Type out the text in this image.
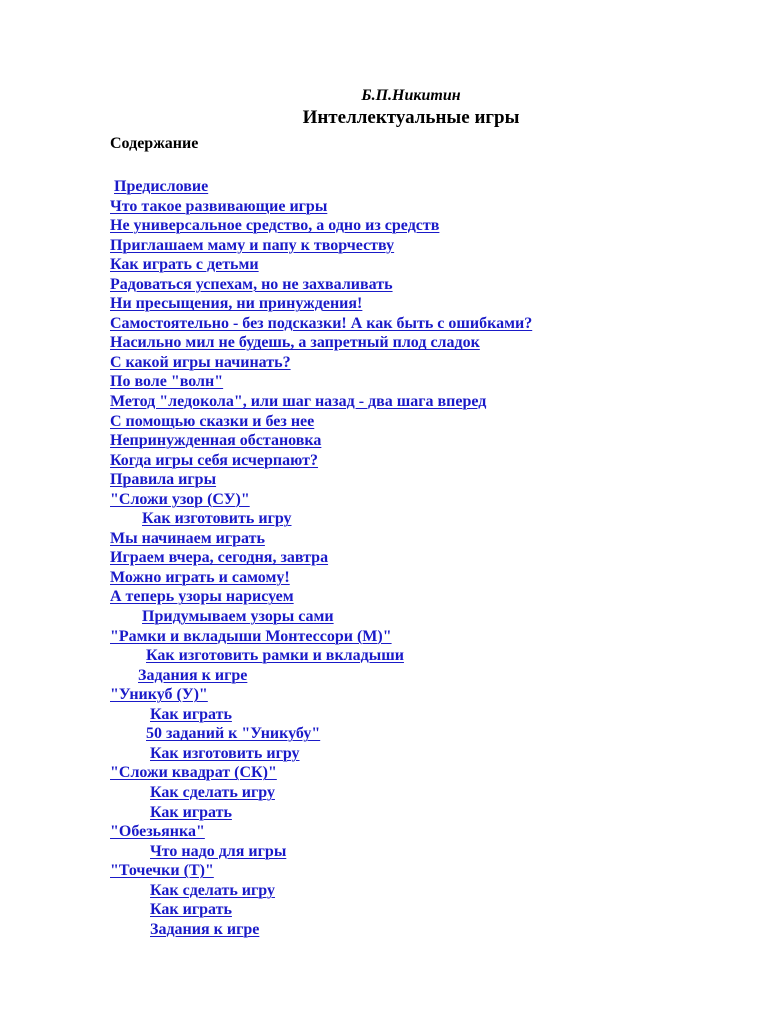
Б.П.Никитин
Интеллектуальные игры
Содержание
Предисловие
Что такое развивающие игры
Не универсальное средство, а одно из средств
Приглашаем маму и папу к творчеству
Как играть с детьми
Радоваться успехам, но не захваливать
Ни пресыщения, ни принуждения!
Самостоятельно - без подсказки! А как быть с ошибками?
Насильно мил не будешь, а запретный плод сладок
С какой игры начинать?
По воле "волн"
Метод "ледокола", или шаг назад - два шага вперед
С помощью сказки и без нее
Непринужденная обстановка
Когда игры себя исчерпают?
Правила игры
"Сложи узор (СУ)"
Как изготовить игру
Мы начинаем играть
Играем вчера, сегодня, завтра
Можно играть и самому!
А теперь узоры нарисуем
Придумываем узоры сами
"Рамки и вкладыши Монтессори (М)"
Как изготовить рамки и вкладыши
Задания к игре
"Уникуб (У)"
Как играть
50 заданий к "Уникубу"
Как изготовить игру
"Сложи квадрат (СК)"
Как сделать игру
Как играть
"Обезьянка"
Что надо для игры
"Точечки (Т)"
Как сделать игру
Как играть
Задания к игре
